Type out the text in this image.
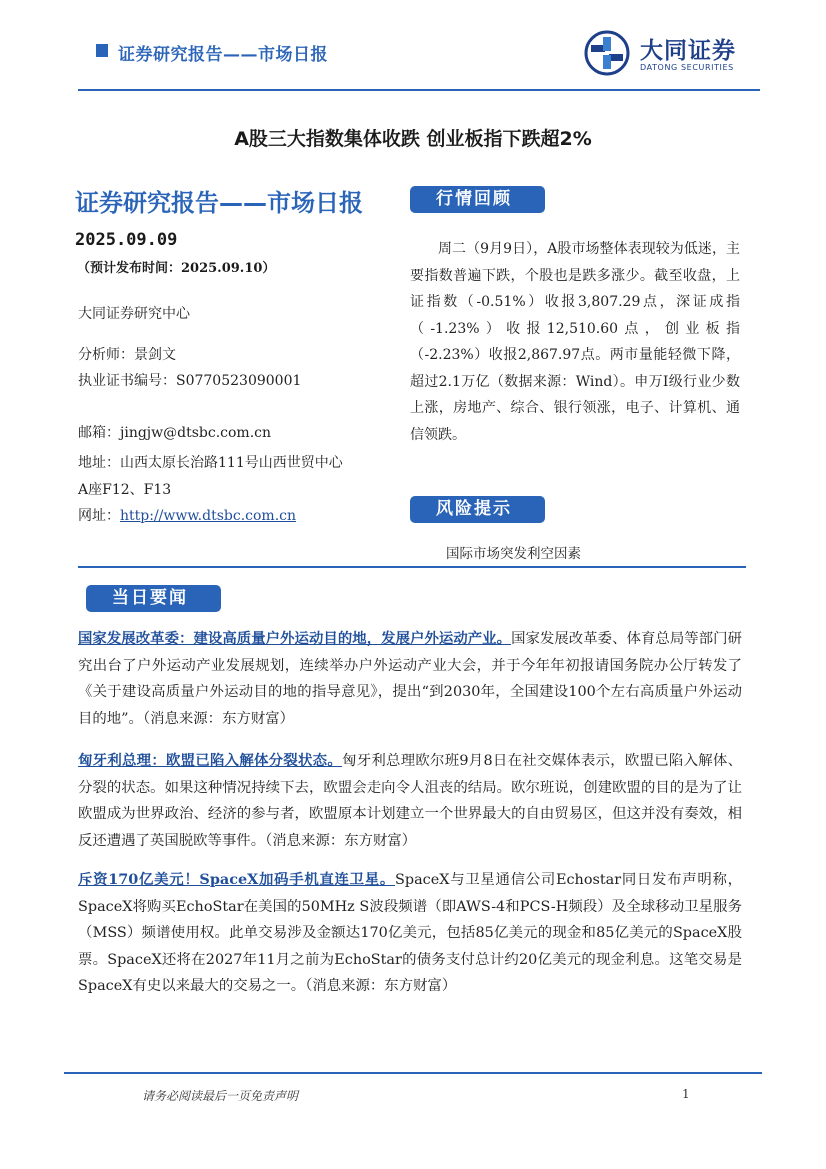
证券研究报告——市场日报	大同证券
DATONG SECURITIES
A股三大指数集体收跌 创业板指下跌超2%
证券研究报告——市场日报
2025.09.09
（预计发布时间：2025.09.10）
大同证券研究中心
分析师：景剑文
执业证书编号：S0770523090001
邮箱：jingjw@dtsbc.com.cn
地址：山西太原长治路111号山西世贸中心
A座F12、F13
网址：http://www.dtsbc.com.cn
行情回顾
周二（9月9日），A股市场整体表现较为低迷，主要指数普遍下跌，个股也是跌多涨少。截至收盘，上证指数（-0.51%）收报3,807.29点，深证成指（-1.23%）收报12,510.60点，创业板指（-2.23%）收报2,867.97点。两市量能轻微下降，超过2.1万亿（数据来源：Wind）。申万Ⅰ级行业少数上涨，房地产、综合、银行领涨，电子、计算机、通信领跌。
风险提示
国际市场突发利空因素
当日要闻
国家发展改革委：建设高质量户外运动目的地，发展户外运动产业。国家发展改革委、体育总局等部门研究出台了户外运动产业发展规划，连续举办户外运动产业大会，并于今年年初报请国务院办公厅转发了《关于建设高质量户外运动目的地的指导意见》，提出“到2030年，全国建设100个左右高质量户外运动目的地”。（消息来源：东方财富）
匈牙利总理：欧盟已陷入解体分裂状态。匈牙利总理欧尔班9月8日在社交媒体表示，欧盟已陷入解体、分裂的状态。如果这种情况持续下去，欧盟会走向令人沮丧的结局。欧尔班说，创建欧盟的目的是为了让欧盟成为世界政治、经济的参与者，欧盟原本计划建立一个世界最大的自由贸易区，但这并没有奏效，相反还遭遇了英国脱欧等事件。（消息来源：东方财富）
斥资170亿美元！SpaceX加码手机直连卫星。SpaceX与卫星通信公司Echostar同日发布声明称，SpaceX将购买EchoStar在美国的50MHz S波段频谱（即AWS-4和PCS-H频段）及全球移动卫星服务（MSS）频谱使用权。此单交易涉及金额达170亿美元，包括85亿美元的现金和85亿美元的SpaceX股票。SpaceX还将在2027年11月之前为EchoStar的债务支付总计约20亿美元的现金利息。这笔交易是SpaceX有史以来最大的交易之一。（消息来源：东方财富）
请务必阅读最后一页免责声明	1
